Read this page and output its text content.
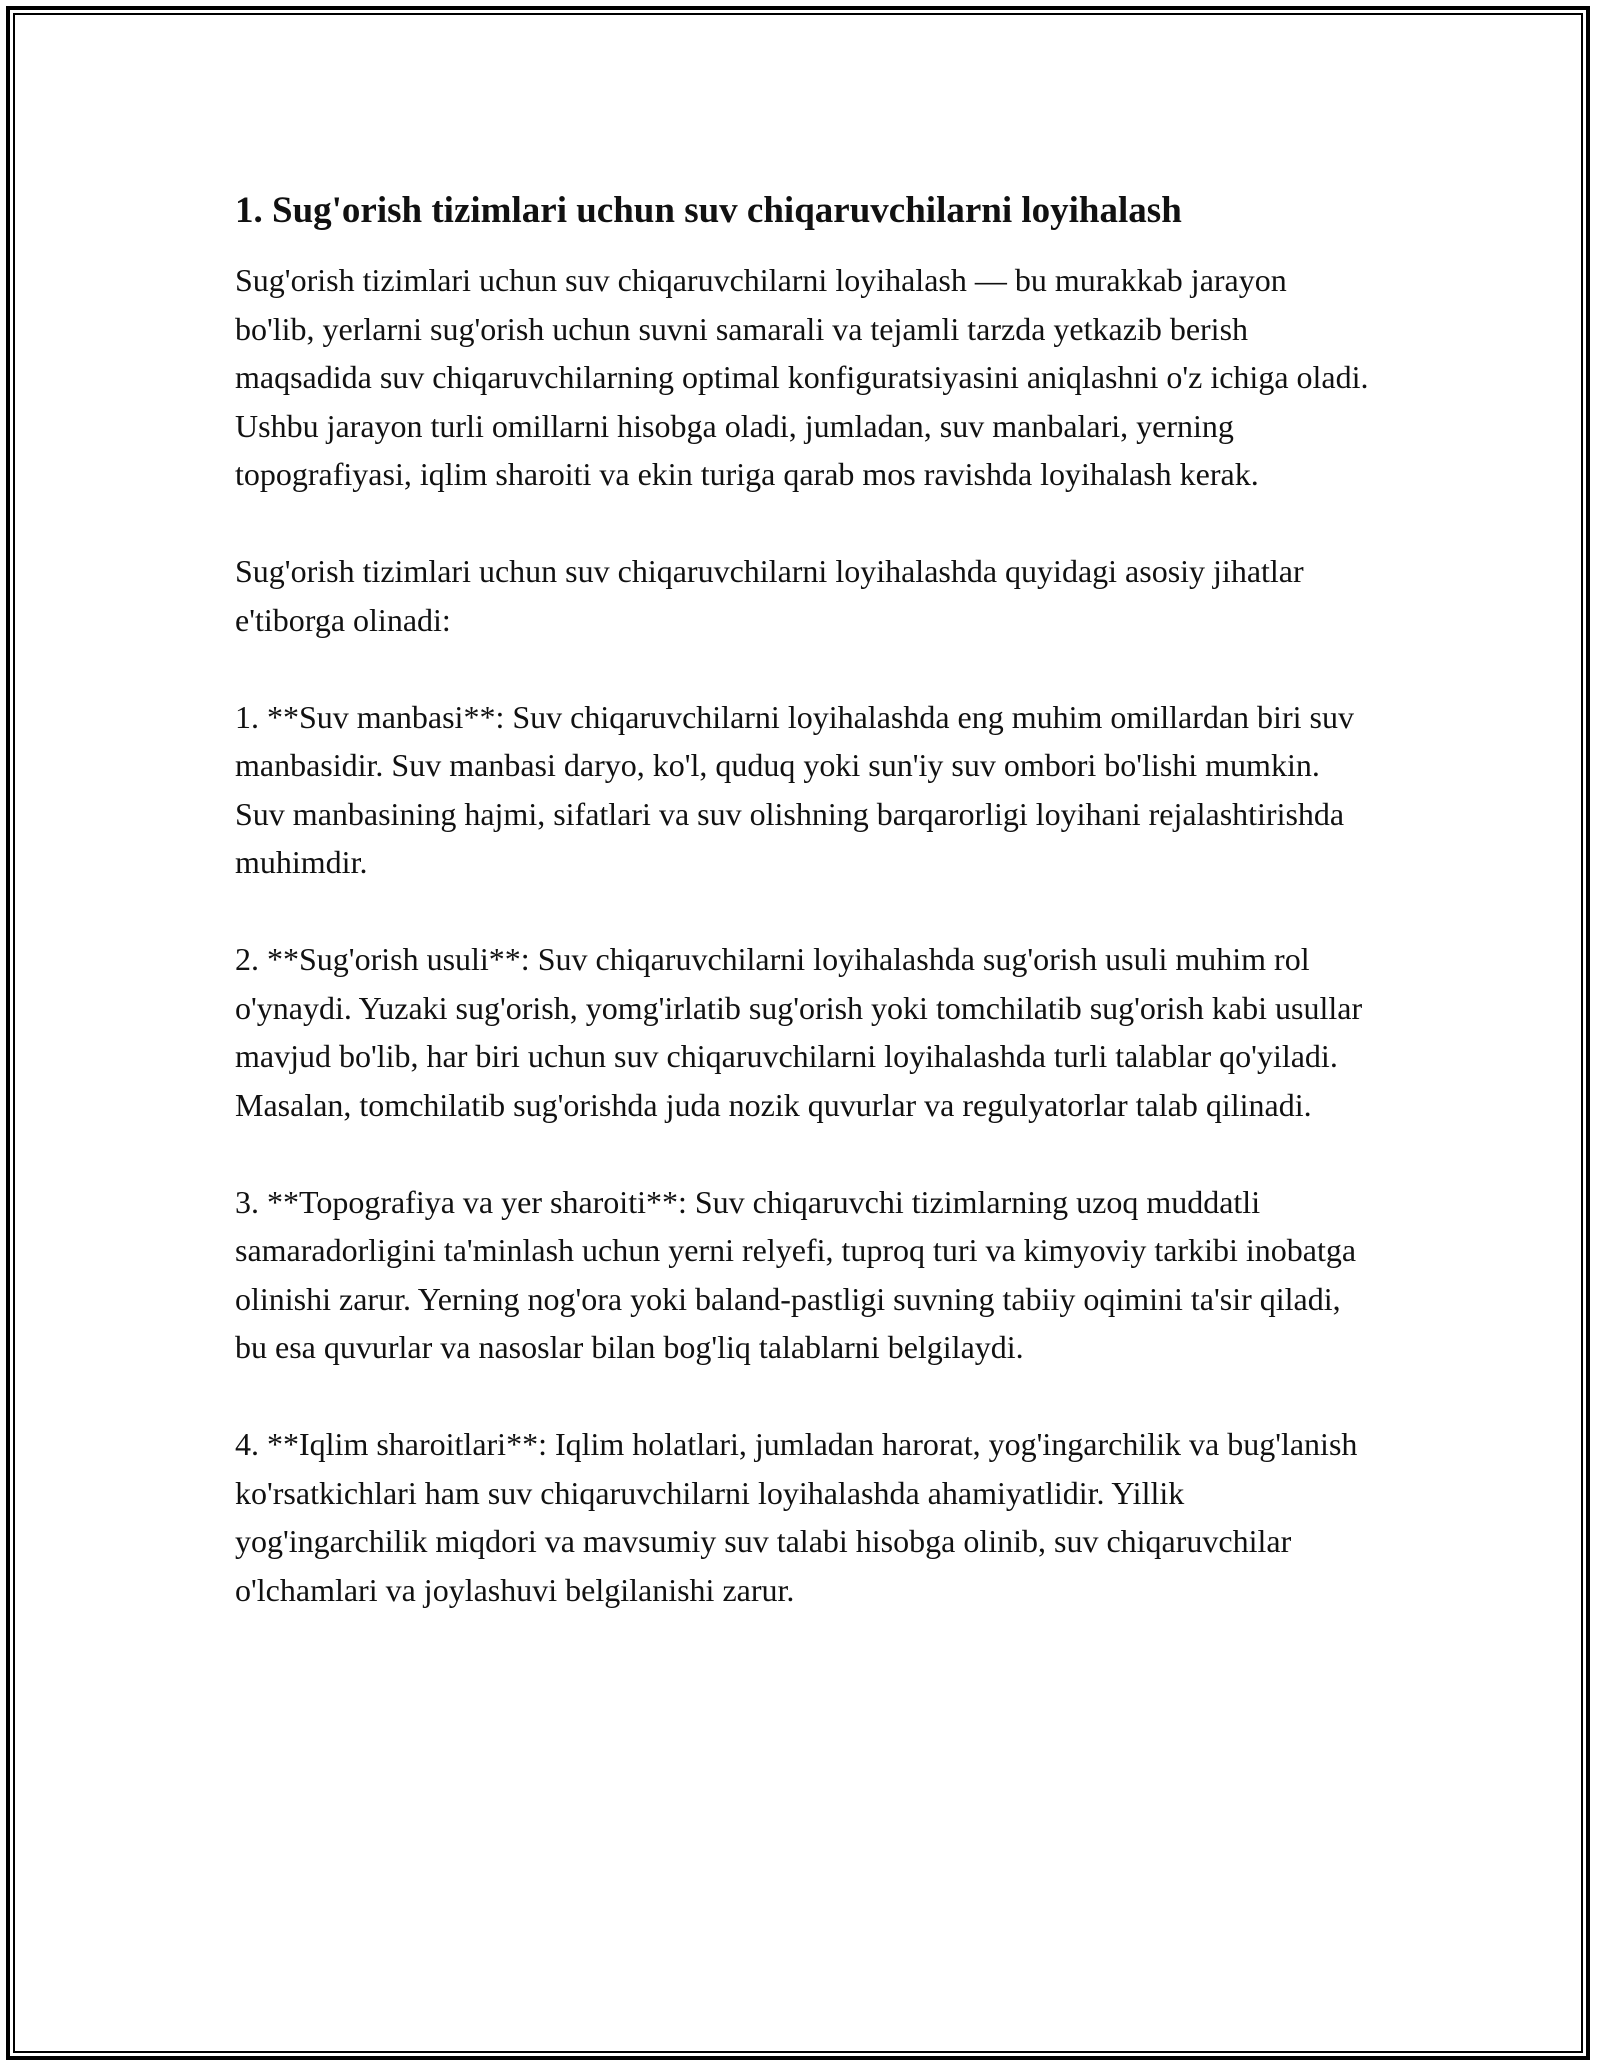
1. Sug'orish tizimlari uchun suv chiqaruvchilarni loyihalash

Sug'orish tizimlari uchun suv chiqaruvchilarni loyihalash — bu murakkab jarayon bo'lib, yerlarni sug'orish uchun suvni samarali va tejamli tarzda yetkazib berish maqsadida suv chiqaruvchilarning optimal konfiguratsiyasini aniqlashni o'z ichiga oladi. Ushbu jarayon turli omillarni hisobga oladi, jumladan, suv manbalari, yerning topografiyasi, iqlim sharoiti va ekin turiga qarab mos ravishda loyihalash kerak.

Sug'orish tizimlari uchun suv chiqaruvchilarni loyihalashda quyidagi asosiy jihatlar e'tiborga olinadi:

1. **Suv manbasi**: Suv chiqaruvchilarni loyihalashda eng muhim omillardan biri suv manbasidir. Suv manbasi daryo, ko'l, quduq yoki sun'iy suv ombori bo'lishi mumkin. Suv manbasining hajmi, sifatlari va suv olishning barqarorligi loyihani rejalashtirishda muhimdir.

2. **Sug'orish usuli**: Suv chiqaruvchilarni loyihalashda sug'orish usuli muhim rol o'ynaydi. Yuzaki sug'orish, yomg'irlatib sug'orish yoki tomchilatib sug'orish kabi usullar mavjud bo'lib, har biri uchun suv chiqaruvchilarni loyihalashda turli talablar qo'yiladi. Masalan, tomchilatib sug'orishda juda nozik quvurlar va regulyatorlar talab qilinadi.

3. **Topografiya va yer sharoiti**: Suv chiqaruvchi tizimlarning uzoq muddatli samaradorligini ta'minlash uchun yerni relyefi, tuproq turi va kimyoviy tarkibi inobatga olinishi zarur. Yerning nog'ora yoki baland-pastligi suvning tabiiy oqimini ta'sir qiladi, bu esa quvurlar va nasoslar bilan bog'liq talablarni belgilaydi.

4. **Iqlim sharoitlari**: Iqlim holatlari, jumladan harorat, yog'ingarchilik va bug'lanish ko'rsatkichlari ham suv chiqaruvchilarni loyihalashda ahamiyatlidir. Yillik yog'ingarchilik miqdori va mavsumiy suv talabi hisobga olinib, suv chiqaruvchilar o'lchamlari va joylashuvi belgilanishi zarur.
